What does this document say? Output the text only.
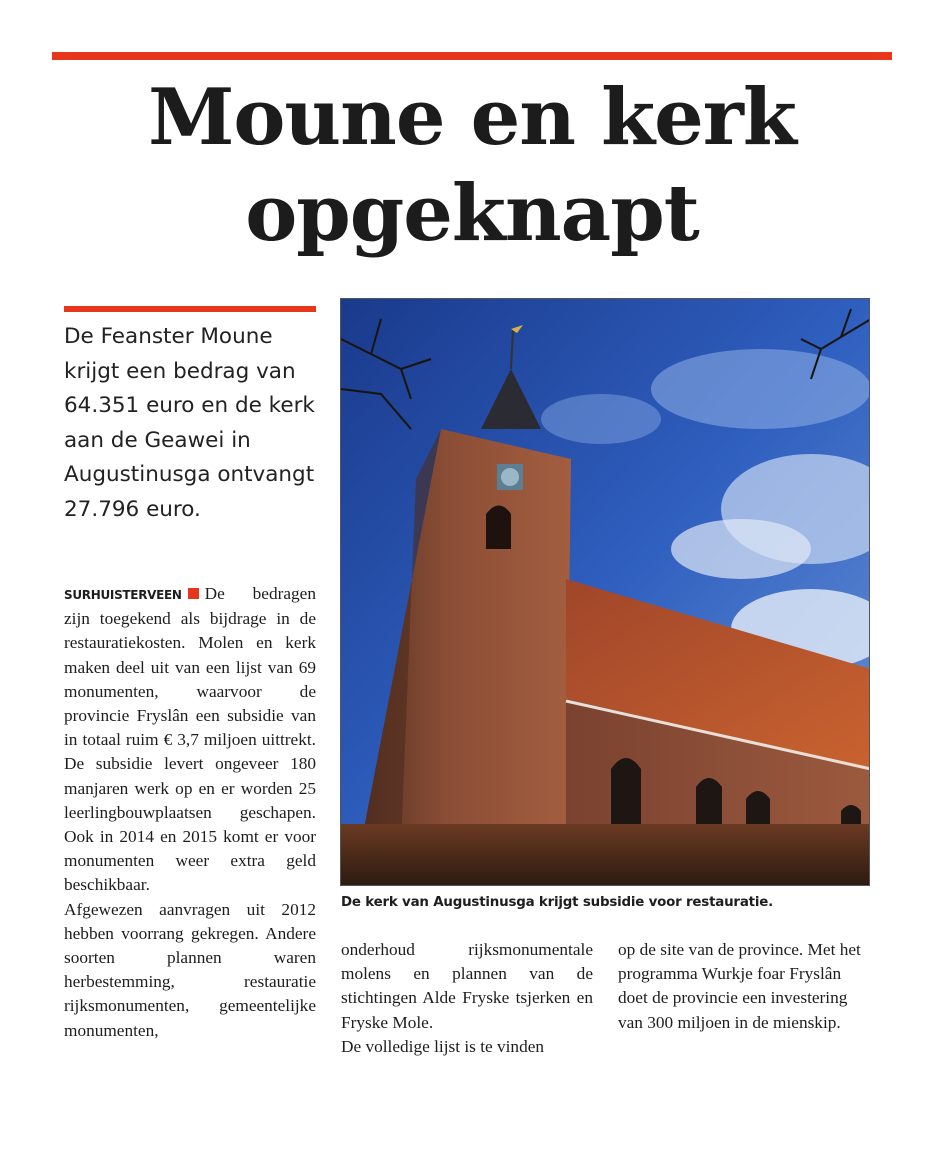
Moune en kerk
opgeknapt

De Feanster Moune krijgt een bedrag van 64.351 euro en de kerk aan de Geawei in Augustinusga ontvangt 27.796 euro.

SURHUISTERVEEN De bedragen zijn toegekend als bijdrage in de restauratiekosten. Molen en kerk maken deel uit van een lijst van 69 monumenten, waarvoor de provincie Fryslân een subsidie van in totaal ruim € 3,7 miljoen uittrekt. De subsidie levert ongeveer 180 manjaren werk op en er worden 25 leerlingbouwplaatsen geschapen. Ook in 2014 en 2015 komt er voor monumenten weer extra geld beschikbaar.

Afgewezen aanvragen uit 2012 hebben voorrang gekregen. Andere soorten plannen waren herbestemming, restauratie rijksmonumenten, gemeentelijke monumenten,

onderhoud rijksmonumentale molens en plannen van de stichtingen Alde Fryske tsjerken en Fryske Mole.

De volledige lijst is te vinden

op de site van de province. Met het programma Wurkje foar Fryslân doet de provincie een investering van 300 miljoen in de mienskip.

De kerk van Augustinusga krijgt subsidie voor restauratie.
